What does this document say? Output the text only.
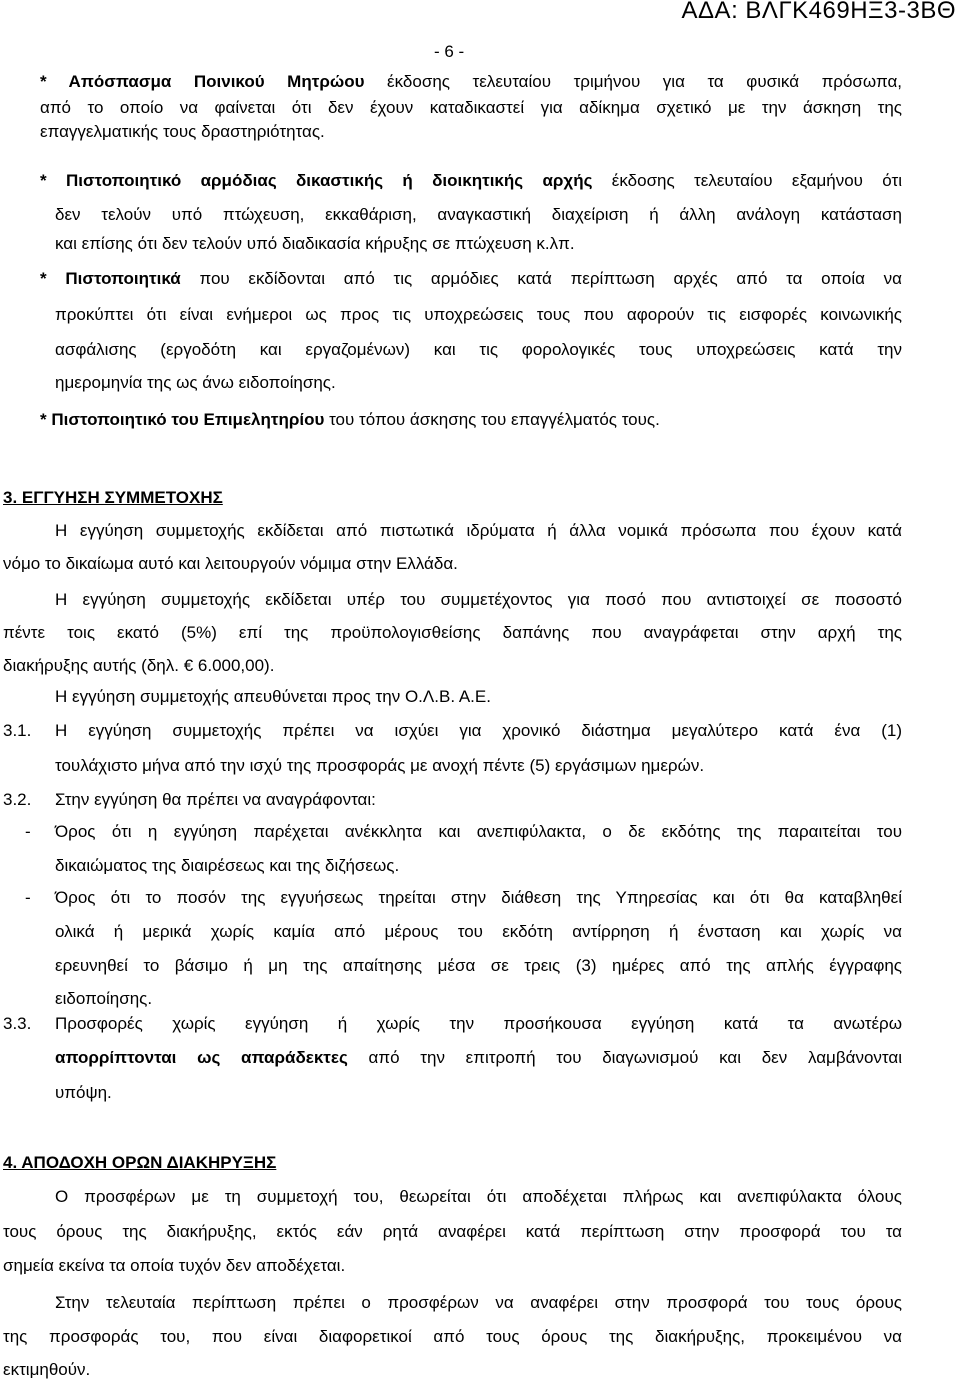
ΑΔΑ: ΒΛΓΚ469ΗΞ3-3ΒΘ
- 6 -

* Απόσπασμα Ποινικού Μητρώου έκδοσης τελευταίου τριμήνου για τα φυσικά πρόσωπα,

από το οποίο να φαίνεται ότι δεν έχουν καταδικαστεί για αδίκημα σχετικό με την άσκηση της

επαγγελματικής τους δραστηριότητας.

* Πιστοποιητικό αρμόδιας δικαστικής ή διοικητικής αρχής έκδοσης τελευταίου εξαμήνου ότι

δεν τελούν υπό πτώχευση, εκκαθάριση, αναγκαστική διαχείριση ή άλλη ανάλογη κατάσταση

και επίσης ότι δεν τελούν υπό διαδικασία κήρυξης σε πτώχευση κ.λπ.

* Πιστοποιητικά που εκδίδονται από τις αρμόδιες κατά περίπτωση αρχές από τα οποία να

προκύπτει ότι είναι ενήμεροι ως προς τις υποχρεώσεις τους που αφορούν τις εισφορές κοινωνικής

ασφάλισης (εργοδότη και εργαζομένων) και τις φορολογικές τους υποχρεώσεις κατά την

ημερομηνία της ως άνω ειδοποίησης.

* Πιστοποιητικό του Επιμελητηρίου του τόπου άσκησης του επαγγέλματός τους.

3. ΕΓΓΥΗΣΗ ΣΥΜΜΕΤΟΧΗΣ

Η εγγύηση συμμετοχής εκδίδεται από πιστωτικά ιδρύματα ή άλλα νομικά πρόσωπα που έχουν κατά

νόμο το δικαίωμα αυτό και λειτουργούν νόμιμα στην Ελλάδα.

Η εγγύηση συμμετοχής εκδίδεται υπέρ του συμμετέχοντος για ποσό που αντιστοιχεί σε ποσοστό

πέντε τοις εκατό (5%) επί της προϋπολογισθείσης δαπάνης που αναγράφεται στην αρχή της

διακήρυξης αυτής (δηλ. € 6.000,00).

Η εγγύηση συμμετοχής απευθύνεται προς την Ο.Λ.Β. Α.Ε.

3.1. Η εγγύηση συμμετοχής πρέπει να ισχύει για χρονικό διάστημα μεγαλύτερο κατά ένα (1)

τουλάχιστο μήνα από την ισχύ της προσφοράς με ανοχή πέντε (5) εργάσιμων ημερών.

3.2. Στην εγγύηση θα πρέπει να αναγράφονται:

- Όρος ότι η εγγύηση παρέχεται ανέκκλητα και ανεπιφύλακτα, ο δε εκδότης της παραιτείται του

δικαιώματος της διαιρέσεως και της διζήσεως.

- Όρος ότι το ποσόν της εγγυήσεως τηρείται στην διάθεση της Υπηρεσίας και ότι θα καταβληθεί

ολικά ή μερικά χωρίς καμία από μέρους του εκδότη αντίρρηση ή ένσταση και χωρίς να

ερευνηθεί το βάσιμο ή μη της απαίτησης μέσα σε τρεις (3) ημέρες από της απλής έγγραφης

ειδοποίησης.

3.3. Προσφορές χωρίς εγγύηση ή χωρίς την προσήκουσα εγγύηση κατά τα ανωτέρω

απορρίπτονται ως απαράδεκτες από την επιτροπή του διαγωνισμού και δεν λαμβάνονται

υπόψη.

4. ΑΠΟΔΟΧΗ ΟΡΩΝ ΔΙΑΚΗΡΥΞΗΣ

Ο προσφέρων με τη συμμετοχή του, θεωρείται ότι αποδέχεται πλήρως και ανεπιφύλακτα όλους

τους όρους της διακήρυξης, εκτός εάν ρητά αναφέρει κατά περίπτωση στην προσφορά του τα

σημεία εκείνα τα οποία τυχόν δεν αποδέχεται.

Στην τελευταία περίπτωση πρέπει ο προσφέρων να αναφέρει στην προσφορά του τους όρους

της προσφοράς του, που είναι διαφορετικοί από τους όρους της διακήρυξης, προκειμένου να

εκτιμηθούν.
